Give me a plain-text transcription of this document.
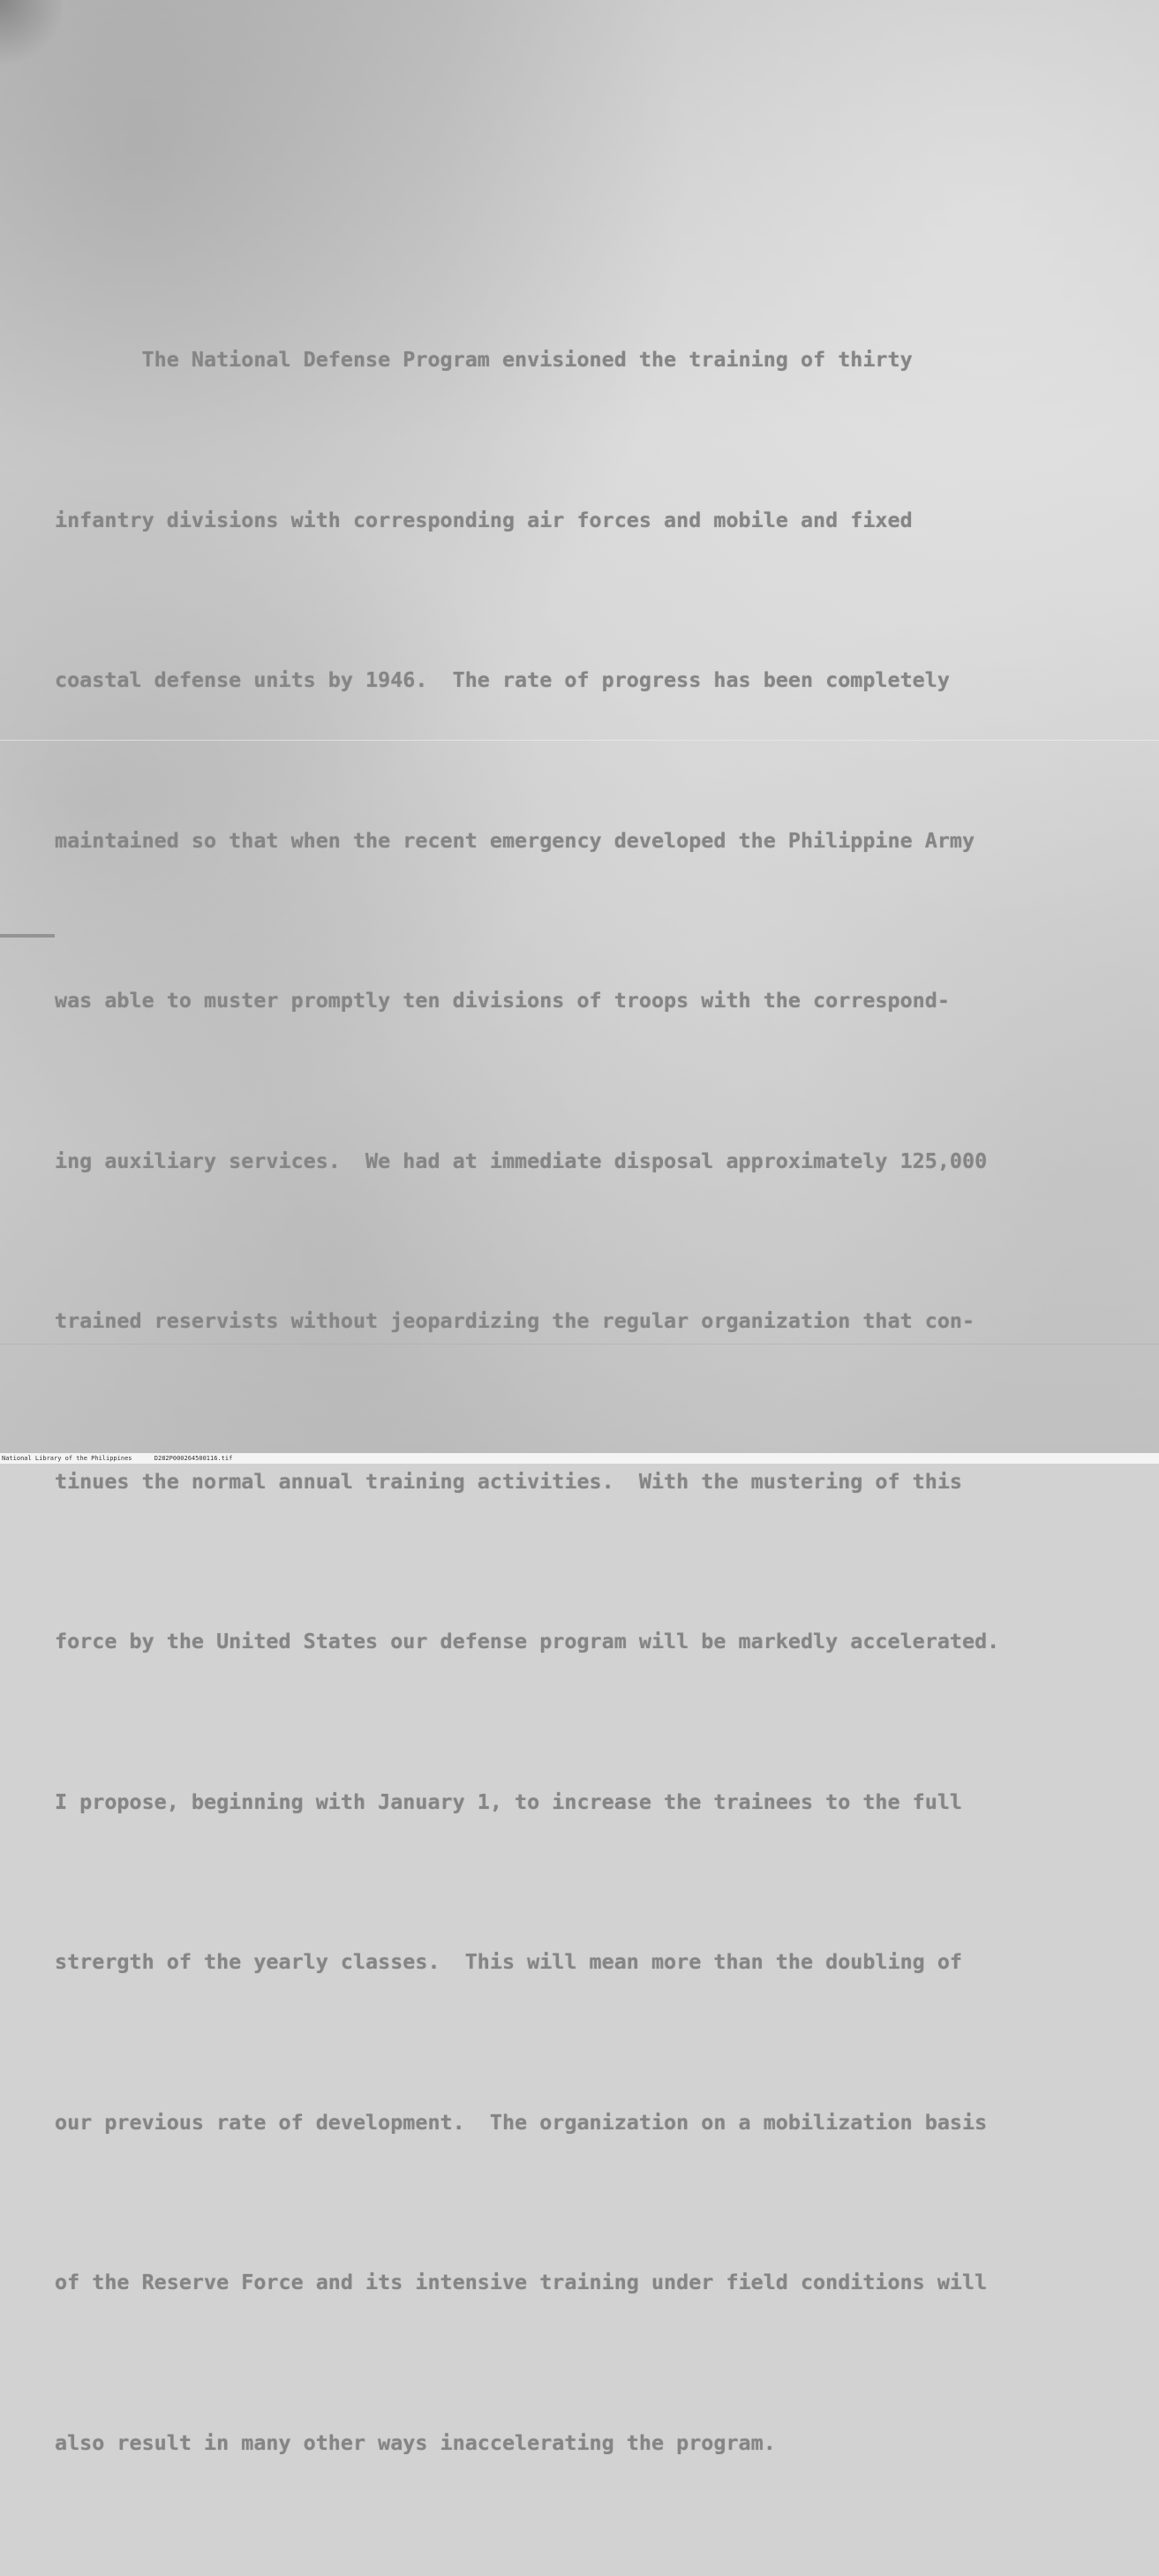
The National Defense Program envisioned the training of thirty

infantry divisions with corresponding air forces and mobile and fixed

coastal defense units by 1946.  The rate of progress has been completely

maintained so that when the recent emergency developed the Philippine Army

was able to muster promptly ten divisions of troops with the correspond-

ing auxiliary services.  We had at immediate disposal approximately 125,000

trained reservists without jeopardizing the regular organization that con-

tinues the normal annual training activities.  With the mustering of this

force by the United States our defense program will be markedly accelerated.

I propose, beginning with January 1, to increase the trainees to the full

strergth of the yearly classes.  This will mean more than the doubling of

our previous rate of development.  The organization on a mobilization basis

of the Reserve Force and its intensive training under field conditions will

also result in many other ways inaccelerating the program.

National Library of the Philippines      D282P000264500116.tif
